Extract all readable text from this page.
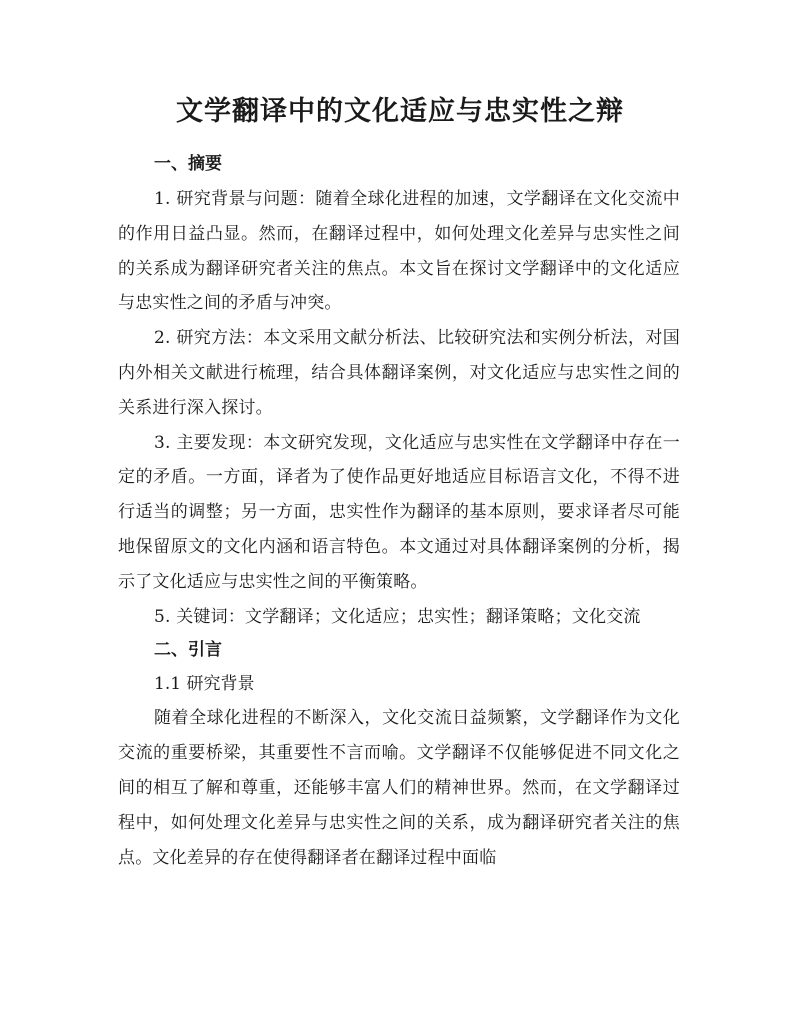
文学翻译中的文化适应与忠实性之辩

一、摘要

1. 研究背景与问题：随着全球化进程的加速，文学翻译在文化交流中的作用日益凸显。然而，在翻译过程中，如何处理文化差异与忠实性之间的关系成为翻译研究者关注的焦点。本文旨在探讨文学翻译中的文化适应与忠实性之间的矛盾与冲突。

2. 研究方法：本文采用文献分析法、比较研究法和实例分析法，对国内外相关文献进行梳理，结合具体翻译案例，对文化适应与忠实性之间的关系进行深入探讨。

3. 主要发现：本文研究发现，文化适应与忠实性在文学翻译中存在一定的矛盾。一方面，译者为了使作品更好地适应目标语言文化，不得不进行适当的调整；另一方面，忠实性作为翻译的基本原则，要求译者尽可能地保留原文的文化内涵和语言特色。本文通过对具体翻译案例的分析，揭示了文化适应与忠实性之间的平衡策略。

5. 关键词：文学翻译；文化适应；忠实性；翻译策略；文化交流

二、引言

1.1 研究背景

随着全球化进程的不断深入，文化交流日益频繁，文学翻译作为文化交流的重要桥梁，其重要性不言而喻。文学翻译不仅能够促进不同文化之间的相互了解和尊重，还能够丰富人们的精神世界。然而，在文学翻译过程中，如何处理文化差异与忠实性之间的关系，成为翻译研究者关注的焦点。文化差异的存在使得翻译者在翻译过程中面临
